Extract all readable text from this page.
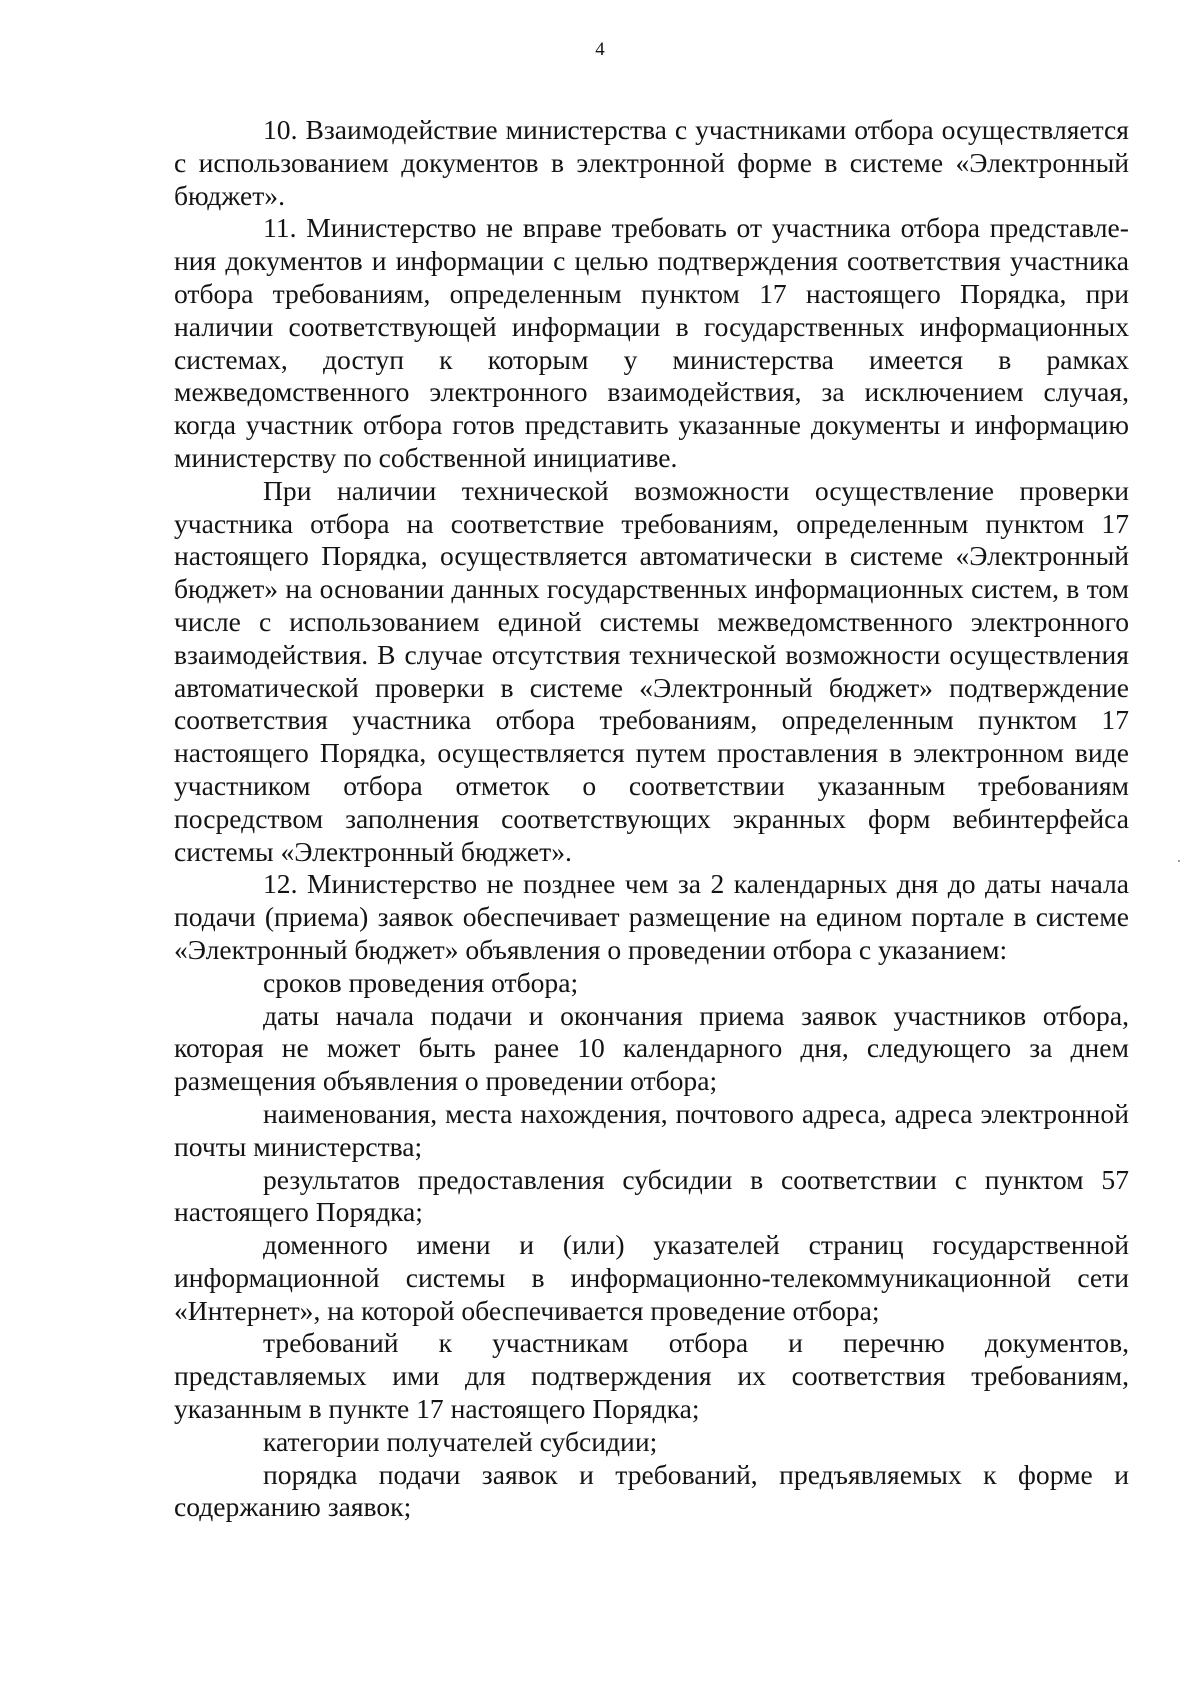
4

10. Взаимодействие министерства с участниками отбора осуществляется с использованием документов в электронной форме в системе «Электронный бюджет».

11. Министерство не вправе требовать от участника отбора представления документов и информации с целью подтверждения соответствия участника отбора требованиям, определенным пунктом 17 настоящего Порядка, при наличии соответствующей информации в государственных информационных системах, доступ к которым у министерства имеется в рамках межведомственного электронного взаимодействия, за исключением случая, когда участник отбора готов представить указанные документы и информацию министерству по собственной инициативе.

При наличии технической возможности осуществление проверки участника отбора на соответствие требованиям, определенным пунктом 17 настоящего Порядка, осуществляется автоматически в системе «Электронный бюджет» на основании данных государственных информационных систем, в том числе с использованием единой системы межведомственного электронного взаимодействия. В случае отсутствия технической возможности осуществления автоматической проверки в системе «Электронный бюджет» подтверждение соответствия участника отбора требованиям, определенным пунктом 17 настоящего Порядка, осуществляется путем проставления в электронном виде участником отбора отметок о соответствии указанным требованиям посредством заполнения соответствующих экранных форм вебинтерфейса системы «Электронный бюджет».

12. Министерство не позднее чем за 2 календарных дня до даты начала подачи (приема) заявок обеспечивает размещение на едином портале в системе «Электронный бюджет» объявления о проведении отбора с указанием:

сроков проведения отбора;

даты начала подачи и окончания приема заявок участников отбора, которая не может быть ранее 10 календарного дня, следующего за днем размещения объявления о проведении отбора;

наименования, места нахождения, почтового адреса, адреса электронной почты министерства;

результатов предоставления субсидии в соответствии с пунктом 57 настоящего Порядка;

доменного имени и (или) указателей страниц государственной информационной системы в информационно-телекоммуникационной сети «Интернет», на которой обеспечивается проведение отбора;

требований к участникам отбора и перечню документов, представляемых ими для подтверждения их соответствия требованиям, указанным в пункте 17 настоящего Порядка;

категории получателей субсидии;

порядка подачи заявок и требований, предъявляемых к форме и содержанию заявок;
